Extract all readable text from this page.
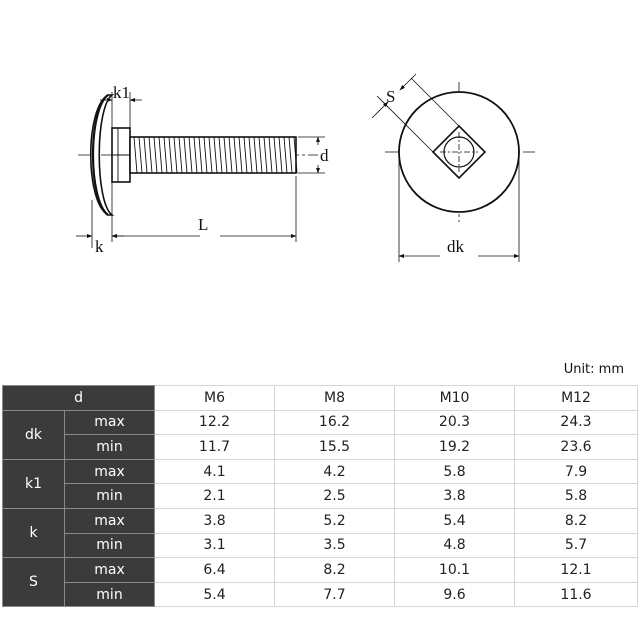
k1
d
L
k
S
dk
Unit: mm
d		M6	M8	M10	M12
dk	max	12.2	16.2	20.3	24.3
	min	11.7	15.5	19.2	23.6
k1	max	4.1	4.2	5.8	7.9
	min	2.1	2.5	3.8	5.8
k	max	3.8	5.2	5.4	8.2
	min	3.1	3.5	4.8	5.7
S	max	6.4	8.2	10.1	12.1
	min	5.4	7.7	9.6	11.6
